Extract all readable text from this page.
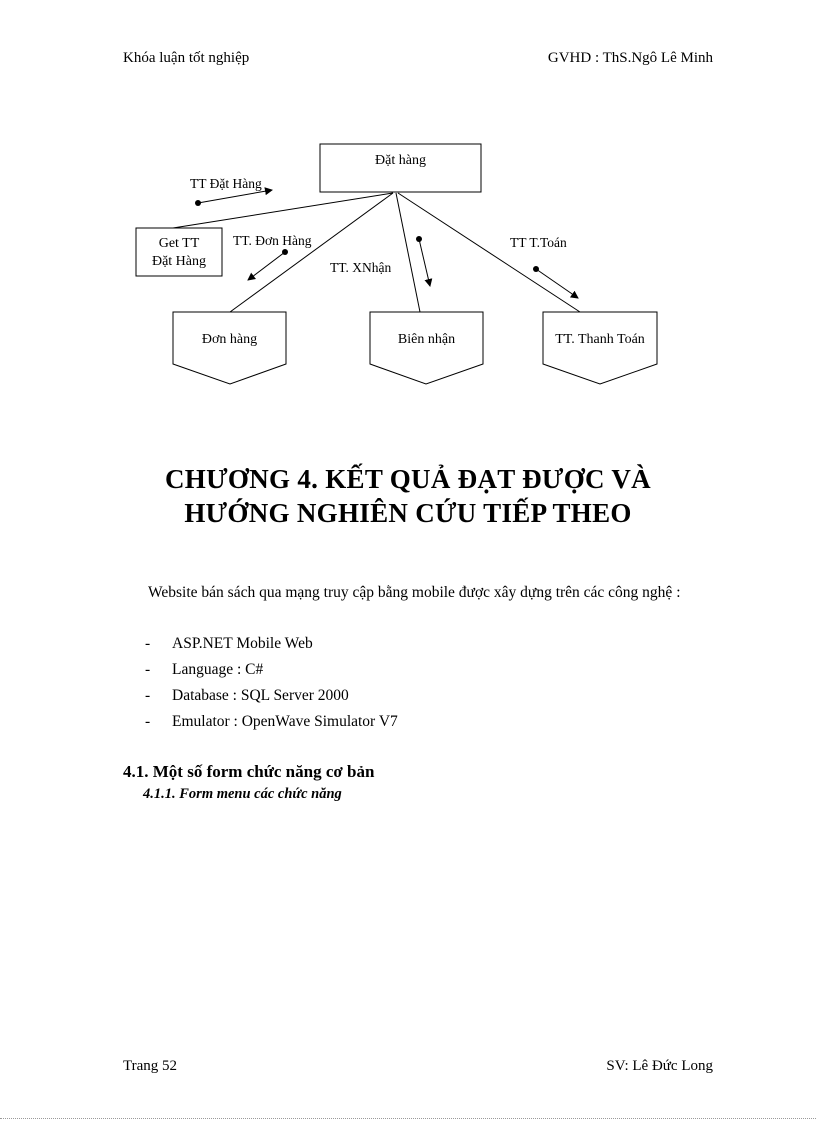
Khóa luận tốt nghiệp	GVHD : ThS.Ngô Lê Minh
Đặt hàng
Get TT
Đặt Hàng
Đơn hàng	Biên nhận	TT. Thanh Toán
TT Đặt Hàng
TT. Đơn Hàng
TT. XNhận
TT T.Toán
CHƯƠNG 4. KẾT QUẢ ĐẠT ĐƯỢC VÀ
HƯỚNG NGHIÊN CỨU TIẾP THEO
Website bán sách qua mạng truy cập bằng mobile được xây dựng trên các công nghệ :
-	ASP.NET Mobile Web
-	Language : C#
-	Database : SQL Server 2000
-	Emulator : OpenWave Simulator V7
4.1. Một số form chức năng cơ bản
4.1.1. Form menu các chức năng
Trang 52	SV: Lê Đức Long
